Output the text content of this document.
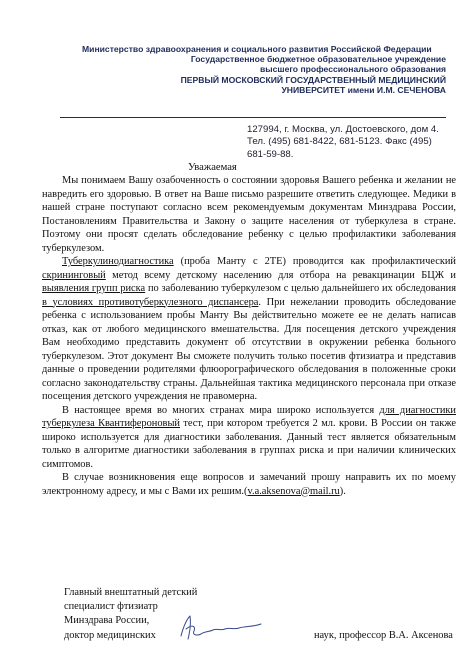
Министерство здравоохранения и социального развития Российской Федерации
Государственное бюджетное образовательное учреждение
высшего профессионального образования
ПЕРВЫЙ МОСКОВСКИЙ ГОСУДАРСТВЕННЫЙ МЕДИЦИНСКИЙ
УНИВЕРСИТЕТ имени И.М. СЕЧЕНОВА
127994, г. Москва, ул. Достоевского, дом 4.
Тел. (495) 681-8422, 681-5123. Факс (495)
681-59-88.
Уважаемая

Мы понимаем Вашу озабоченность о состоянии здоровья Вашего ребенка и желании не навредить его здоровью. В ответ на Ваше письмо разрешите ответить следующее. Медики в нашей стране поступают согласно всем рекомендуемым документам Минздрава России, Постановлениям Правительства и Закону о защите населения от туберкулеза в стране. Поэтому они просят сделать обследование ребенку с целью профилактики заболевания туберкулезом.

Туберкулинодиагностика (проба Манту с 2ТЕ) проводится как профилактический скрининговый метод всему детскому населению для отбора на ревакцинации БЦЖ и выявления групп риска по заболеванию туберкулезом с целью дальнейшего их обследования в условиях противотуберкулезного диспансера. При нежелании проводить обследование ребенка с использованием пробы Манту Вы действительно можете ее не делать написав отказ, как от любого медицинского вмешательства. Для посещения детского учреждения Вам необходимо представить документ об отсутствии в окружении ребенка больного туберкулезом. Этот документ Вы сможете получить только посетив фтизиатра и представив данные о проведении родителями флюорографического обследования в положенные сроки согласно законодательству страны. Дальнейшая тактика медицинского персонала при отказе посещения детского учреждения не правомерна.

В настоящее время во многих странах мира широко используется для диагностики туберкулеза Квантифероновый тест, при котором требуется 2 мл. крови. В России он также широко используется для диагностики заболевания. Данный тест является обязательным только в алгоритме диагностики заболевания в группах риска и при наличии клинических симптомов.

В случае возникновения еще вопросов и замечаний прошу направить их по моему электронному адресу, и мы с Вами их решим.(v.a.aksenova@mail.ru).

Главный внештатный детский
специалист фтизиатр
Минздрава России,
доктор медицинских	наук, профессор В.А. Аксенова
